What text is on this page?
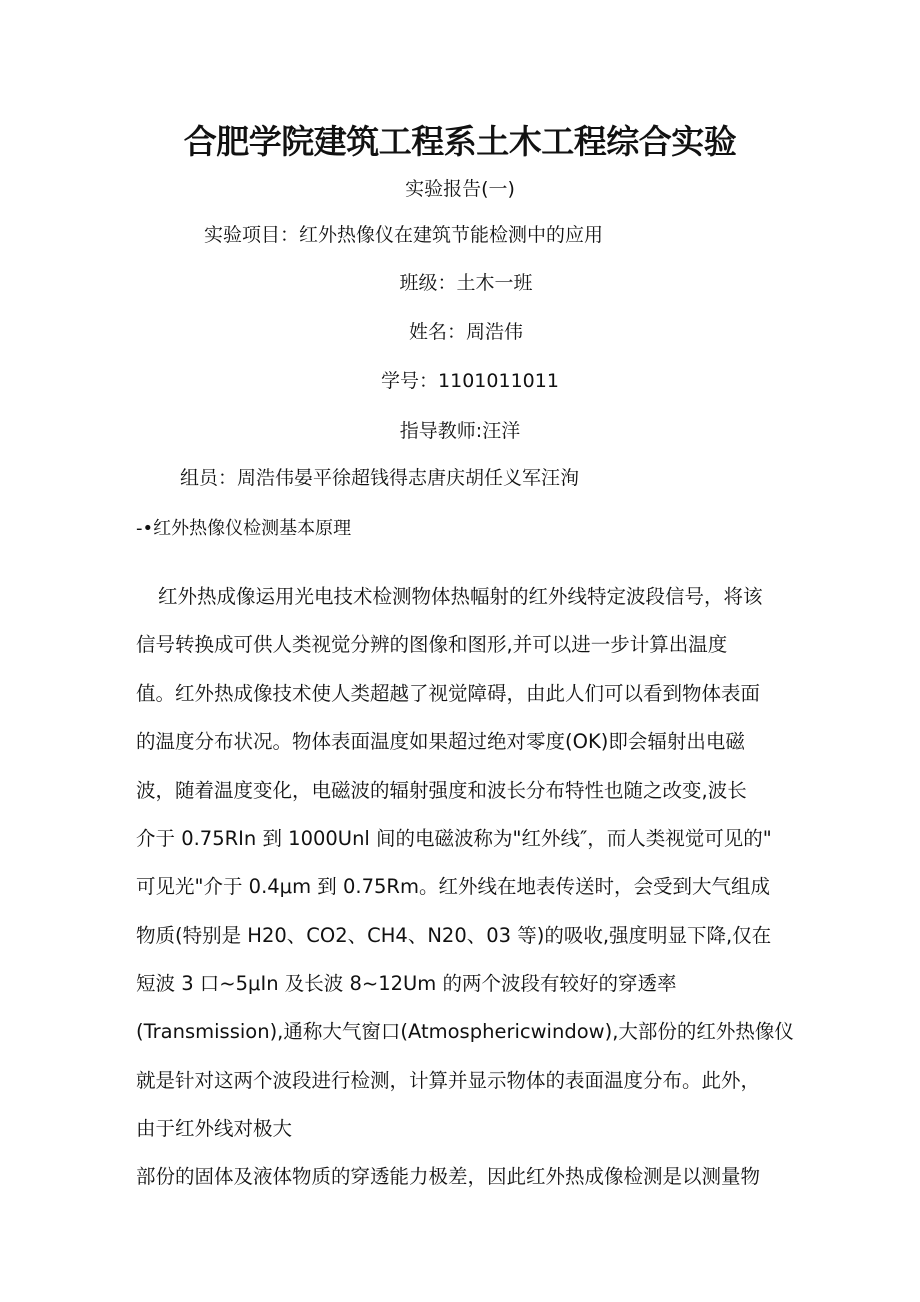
合肥学院建筑工程系土木工程综合实验
实验报告(一)
实验项目：红外热像仪在建筑节能检测中的应用
班级：土木一班
姓名：周浩伟
学号：1101011011
指导教师:汪洋
组员：周浩伟晏平徐超钱得志唐庆胡任义军汪洵
-•红外热像仪检测基本原理
红外热成像运用光电技术检测物体热幅射的红外线特定波段信号，将该
信号转换成可供人类视觉分辨的图像和图形,并可以进一步计算出温度
值。红外热成像技术使人类超越了视觉障碍，由此人们可以看到物体表面
的温度分布状况。物体表面温度如果超过绝对零度(OK)即会辐射出电磁
波，随着温度变化，电磁波的辐射强度和波长分布特性也随之改变,波长
介于 0.75RIn 到 1000Unl 间的电磁波称为"红外线″，而人类视觉可见的"
可见光"介于 0.4μm 到 0.75Rm。红外线在地表传送时，会受到大气组成
物质(特别是 H20、CO2、CH4、N20、03 等)的吸收,强度明显下降,仅在
短波 3 口~5μIn 及长波 8~12Um 的两个波段有较好的穿透率
(Transmission),通称大气窗口(Atmosphericwindow),大部份的红外热像仪
就是针对这两个波段进行检测，计算并显示物体的表面温度分布。此外，
由于红外线对极大
部份的固体及液体物质的穿透能力极差，因此红外热成像检测是以测量物
